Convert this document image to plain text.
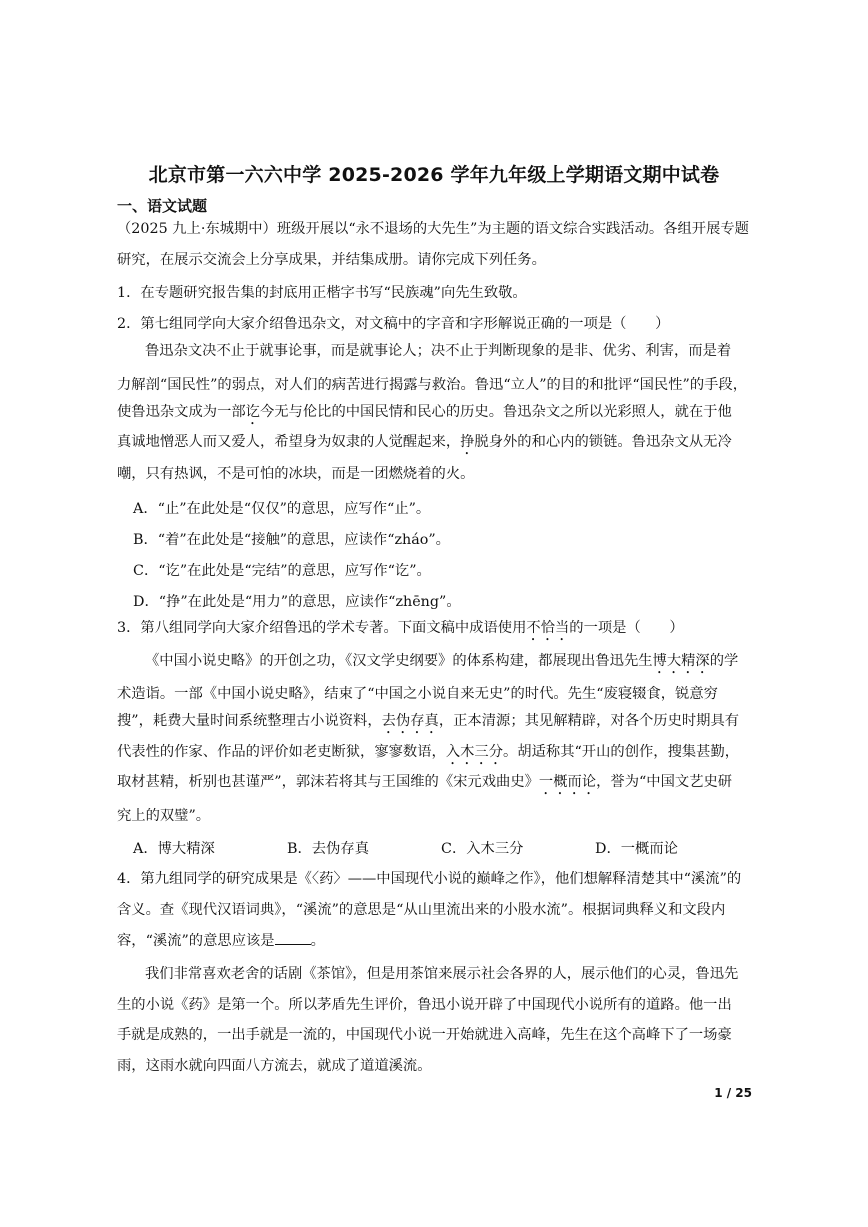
北京市第一六六中学 2025-2026 学年九年级上学期语文期中试卷
一、语文试题
（2025 九上·东城期中）班级开展以“永不退场的大先生”为主题的语文综合实践活动。各组开展专题
研究，在展示交流会上分享成果，并结集成册。请你完成下列任务。
1．在专题研究报告集的封底用正楷字书写“民族魂”向先生致敬。
2．第七组同学向大家介绍鲁迅杂文，对文稿中的字音和字形解说正确的一项是（　　）
鲁迅杂文决不止于就事论事，而是就事论人；决不止于判断现象的是非、优劣、利害，而是着
力解剖“国民性”的弱点，对人们的病苦进行揭露与救治。鲁迅“立人”的目的和批评“国民性”的手段，
使鲁迅杂文成为一部讫今无与伦比的中国民情和民心的历史。鲁迅杂文之所以光彩照人，就在于他
真诚地憎恶人而又爱人，希望身为奴隶的人觉醒起来，挣脱身外的和心内的锁链。鲁迅杂文从无冷
嘲，只有热讽，不是可怕的冰块，而是一团燃烧着的火。
A．“止”在此处是“仅仅”的意思，应写作“止”。
B．“着”在此处是“接触”的意思，应读作“zháo”。
C．“讫”在此处是“完结”的意思，应写作“讫”。
D．“挣”在此处是“用力”的意思，应读作“zhēng”。
3．第八组同学向大家介绍鲁迅的学术专著。下面文稿中成语使用不恰当的一项是（　　）
《中国小说史略》的开创之功，《汉文学史纲要》的体系构建，都展现出鲁迅先生博大精深的学
术造诣。一部《中国小说史略》，结束了“中国之小说自来无史”的时代。先生“废寝辍食，锐意穷
搜”，耗费大量时间系统整理古小说资料，去伪存真，正本清源；其见解精辟，对各个历史时期具有
代表性的作家、作品的评价如老吏断狱，寥寥数语，入木三分。胡适称其“开山的创作，搜集甚勤，
取材甚精，析别也甚谨严”，郭沫若将其与王国维的《宋元戏曲史》一概而论，誉为“中国文艺史研
究上的双璧”。
A．博大精深	B．去伪存真	C．入木三分	D．一概而论
4．第九组同学的研究成果是《〈药〉——中国现代小说的巅峰之作》，他们想解释清楚其中“溪流”的
含义。查《现代汉语词典》，“溪流”的意思是“从山里流出来的小股水流”。根据词典释义和文段内
容，“溪流”的意思应该是	。
我们非常喜欢老舍的话剧《茶馆》，但是用茶馆来展示社会各界的人，展示他们的心灵，鲁迅先
生的小说《药》是第一个。所以茅盾先生评价，鲁迅小说开辟了中国现代小说所有的道路。他一出
手就是成熟的，一出手就是一流的，中国现代小说一开始就进入高峰，先生在这个高峰下了一场豪
雨，这雨水就向四面八方流去，就成了道道溪流。
1 / 25
